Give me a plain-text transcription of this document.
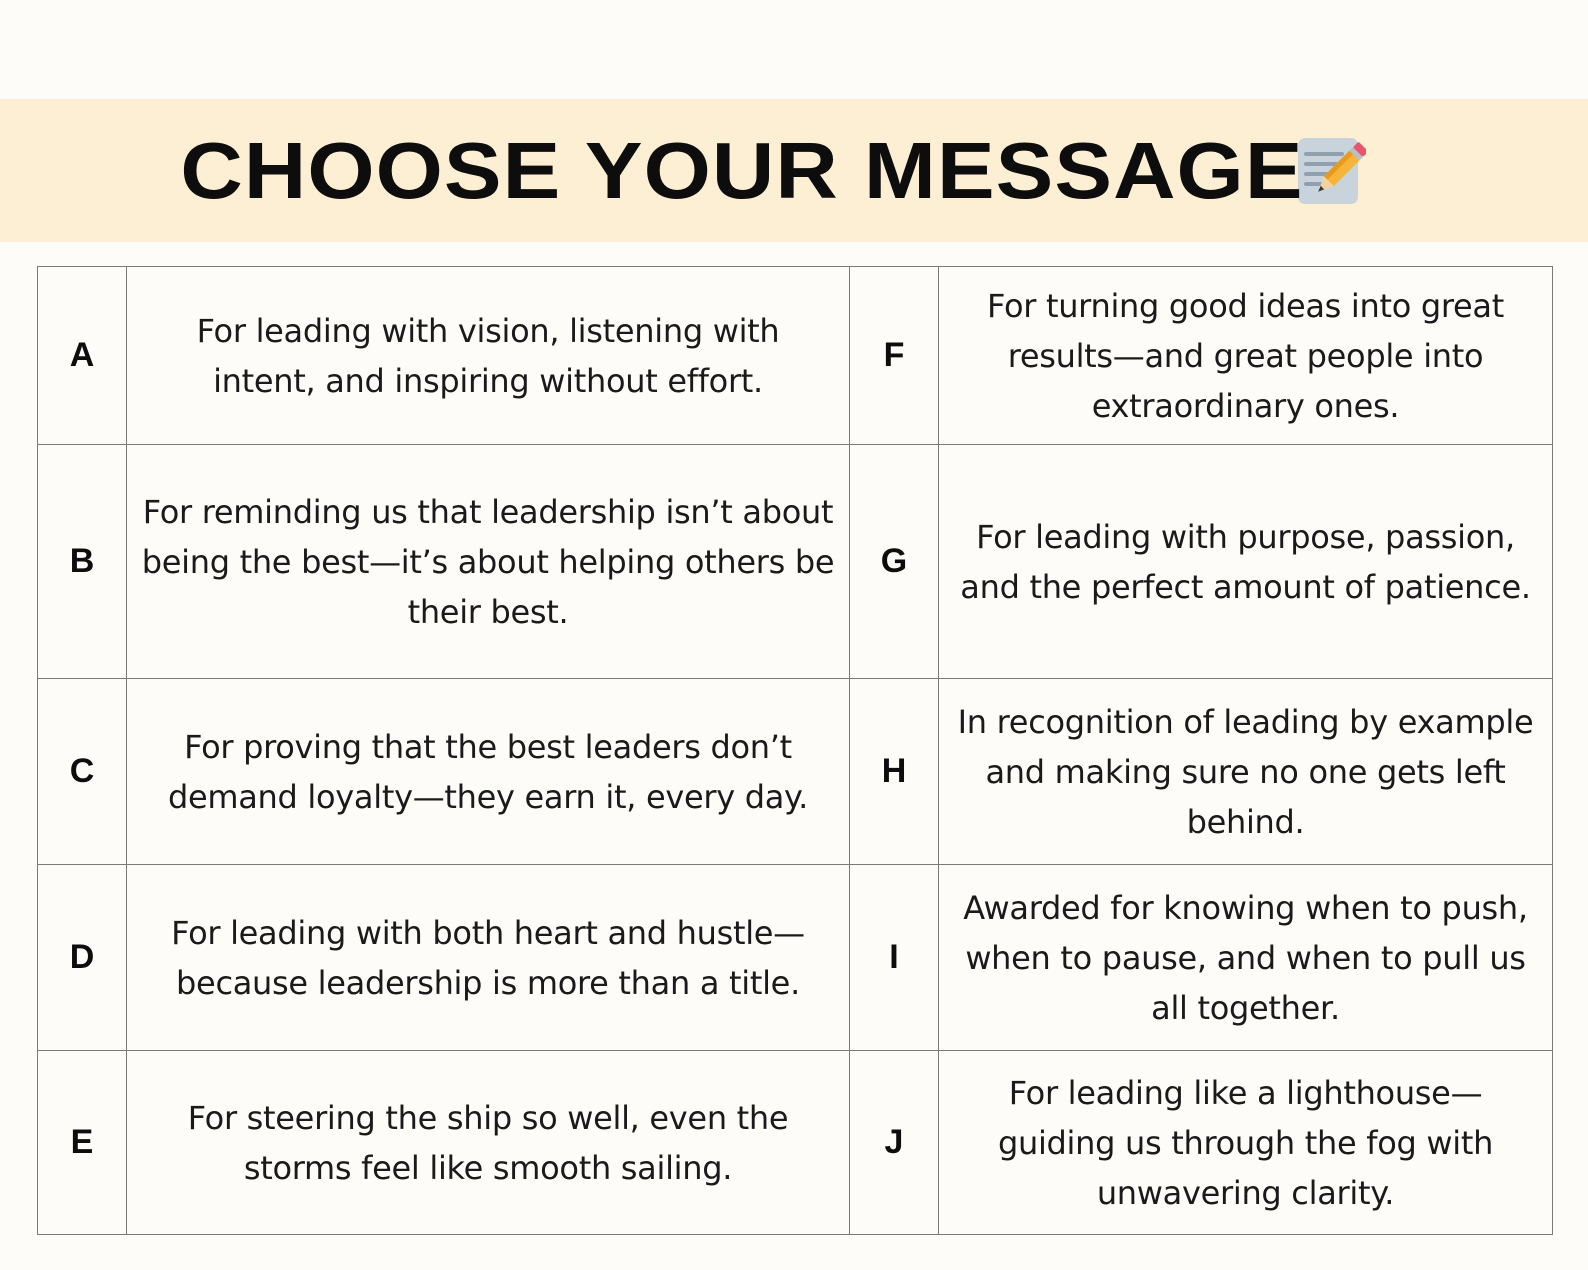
CHOOSE YOUR MESSAGE
A	For leading with vision, listening with intent, and inspiring without effort.	F	For turning good ideas into great results—and great people into extraordinary ones.
B	For reminding us that leadership isn’t about being the best—it’s about helping others be their best.	G	For leading with purpose, passion, and the perfect amount of patience.
C	For proving that the best leaders don’t demand loyalty—they earn it, every day.	H	In recognition of leading by example and making sure no one gets left behind.
D	For leading with both heart and hustle—because leadership is more than a title.	I	Awarded for knowing when to push, when to pause, and when to pull us all together.
E	For steering the ship so well, even the storms feel like smooth sailing.	J	For leading like a lighthouse—guiding us through the fog with unwavering clarity.
